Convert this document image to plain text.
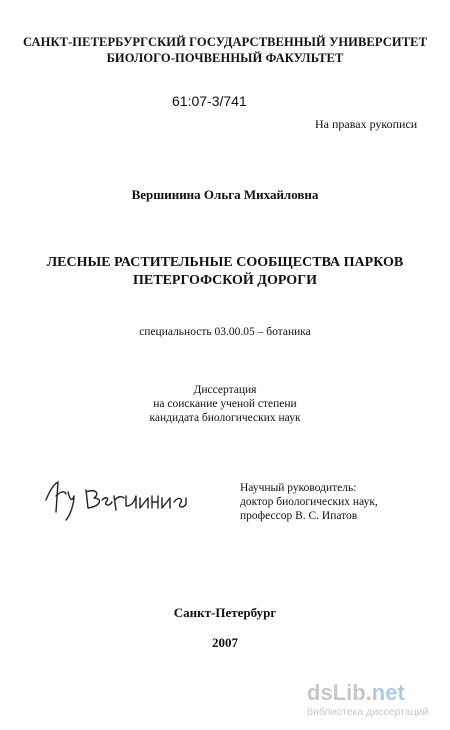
САНКТ-ПЕТЕРБУРГСКИЙ ГОСУДАРСТВЕННЫЙ УНИВЕРСИТЕТ
БИОЛОГО-ПОЧВЕННЫЙ ФАКУЛЬТЕТ
61:07-3/741
На правах рукописи
Вершинина Ольга Михайловна
ЛЕСНЫЕ РАСТИТЕЛЬНЫЕ СООБЩЕСТВА ПАРКОВ
ПЕТЕРГОФСКОЙ ДОРОГИ
специальность 03.00.05 – ботаника
Диссертация
на соискание ученой степени
кандидата биологических наук
Научный руководитель:
доктор биологических наук,
профессор В. С. Ипатов
Санкт-Петербург
2007
dsLib.net
библиотека диссертаций
